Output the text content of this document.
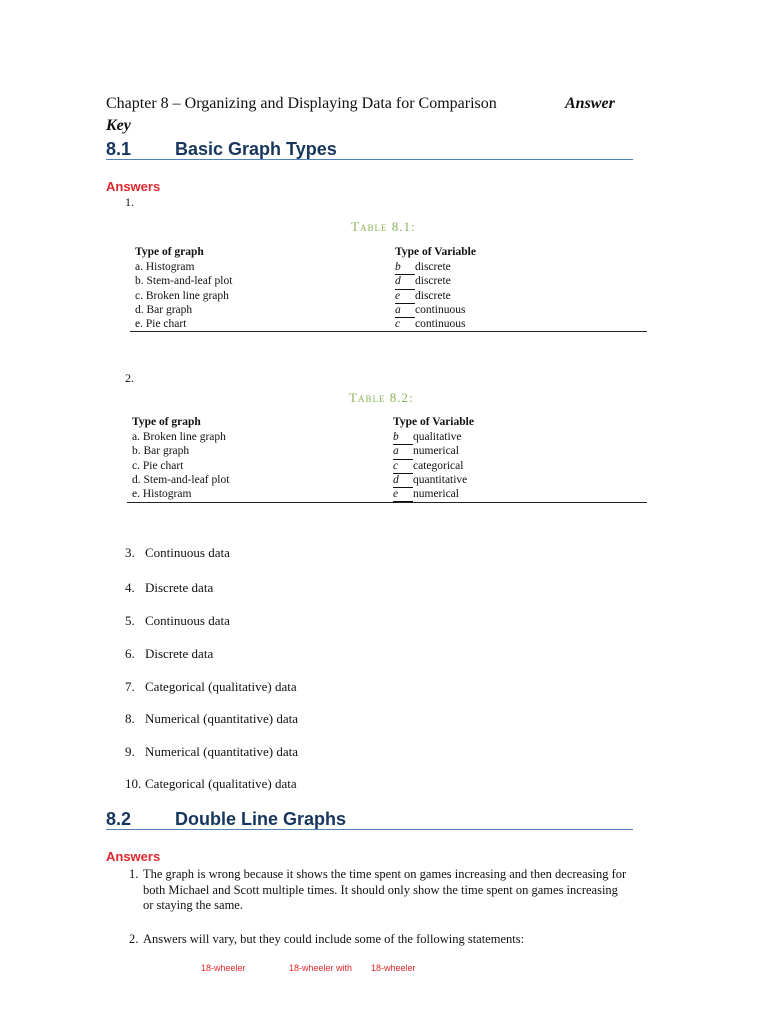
Chapter 8 – Organizing and Displaying Data for Comparison	Answer
Key
8.1 Basic Graph Types
Answers
1.
Table 8.1:
Type of graph	Type of Variable
a. Histogram	b discrete
b. Stem-and-leaf plot	d discrete
c. Broken line graph	e discrete
d. Bar graph	a continuous
e. Pie chart	c continuous
2.
Table 8.2:
Type of graph	Type of Variable
a. Broken line graph	b qualitative
b. Bar graph	a numerical
c. Pie chart	c categorical
d. Stem-and-leaf plot	d quantitative
e. Histogram	e numerical
3. Continuous data
4. Discrete data
5. Continuous data
6. Discrete data
7. Categorical (qualitative) data
8. Numerical (quantitative) data
9. Numerical (quantitative) data
10. Categorical (qualitative) data
8.2 Double Line Graphs
Answers
1. The graph is wrong because it shows the time spent on games increasing and then decreasing for
both Michael and Scott multiple times. It should only show the time spent on games increasing
or staying the same.
2. Answers will vary, but they could include some of the following statements:
18-wheeler	18-wheeler with 18-wheeler
